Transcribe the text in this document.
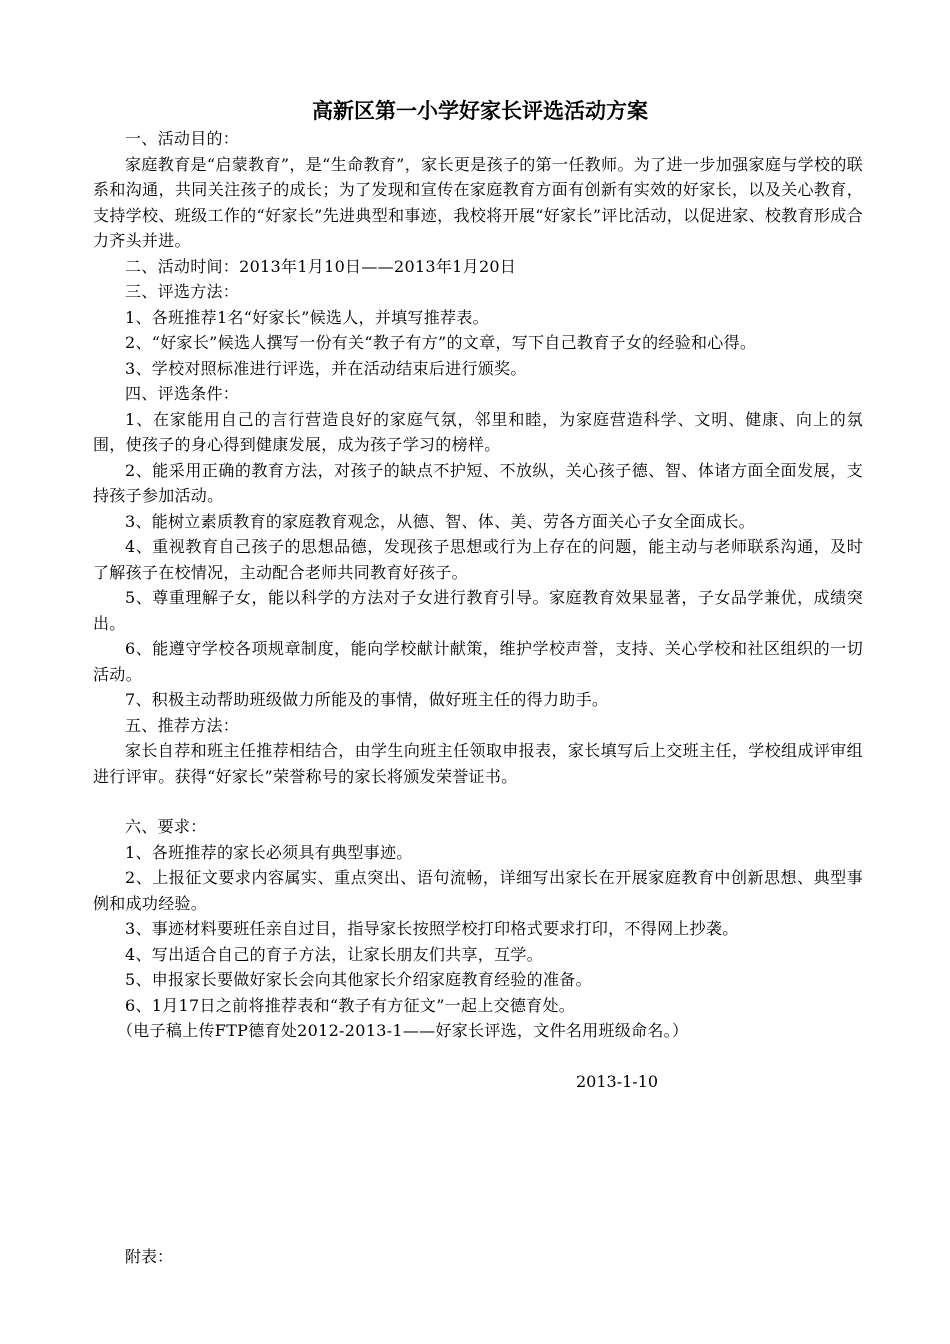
高新区第一小学好家长评选活动方案

一、活动目的：

家庭教育是“启蒙教育”，是“生命教育”，家长更是孩子的第一任教师。为了进一步加强家庭与学校的联系和沟通，共同关注孩子的成长；为了发现和宣传在家庭教育方面有创新有实效的好家长，以及关心教育，支持学校、班级工作的“好家长”先进典型和事迹，我校将开展“好家长”评比活动，以促进家、校教育形成合力齐头并进。

二、活动时间：2013年1月10日——2013年1月20日

三、评选方法：

1、各班推荐1名“好家长”候选人，并填写推荐表。

2、“好家长”候选人撰写一份有关“教子有方”的文章，写下自己教育子女的经验和心得。

3、学校对照标准进行评选，并在活动结束后进行颁奖。

四、评选条件：

1、在家能用自己的言行营造良好的家庭气氛，邻里和睦，为家庭营造科学、文明、健康、向上的氛围，使孩子的身心得到健康发展，成为孩子学习的榜样。

2、能采用正确的教育方法，对孩子的缺点不护短、不放纵，关心孩子德、智、体诸方面全面发展，支持孩子参加活动。

3、能树立素质教育的家庭教育观念，从德、智、体、美、劳各方面关心子女全面成长。

4、重视教育自己孩子的思想品德，发现孩子思想或行为上存在的问题，能主动与老师联系沟通，及时了解孩子在校情况，主动配合老师共同教育好孩子。

5、尊重理解子女，能以科学的方法对子女进行教育引导。家庭教育效果显著，子女品学兼优，成绩突出。

6、能遵守学校各项规章制度，能向学校献计献策，维护学校声誉，支持、关心学校和社区组织的一切活动。

7、积极主动帮助班级做力所能及的事情，做好班主任的得力助手。

五、推荐方法：

家长自荐和班主任推荐相结合，由学生向班主任领取申报表，家长填写后上交班主任，学校组成评审组进行评审。获得“好家长”荣誉称号的家长将颁发荣誉证书。

六、要求：

1、各班推荐的家长必须具有典型事迹。

2、上报征文要求内容属实、重点突出、语句流畅，详细写出家长在开展家庭教育中创新思想、典型事例和成功经验。

3、事迹材料要班任亲自过目，指导家长按照学校打印格式要求打印，不得网上抄袭。

4、写出适合自己的育子方法，让家长朋友们共享，互学。

5、申报家长要做好家长会向其他家长介绍家庭教育经验的准备。

6、1月17日之前将推荐表和“教子有方征文”一起上交德育处。

（电子稿上传FTP德育处2012-2013-1——好家长评选，文件名用班级命名。）

2013-1-10

附表：
